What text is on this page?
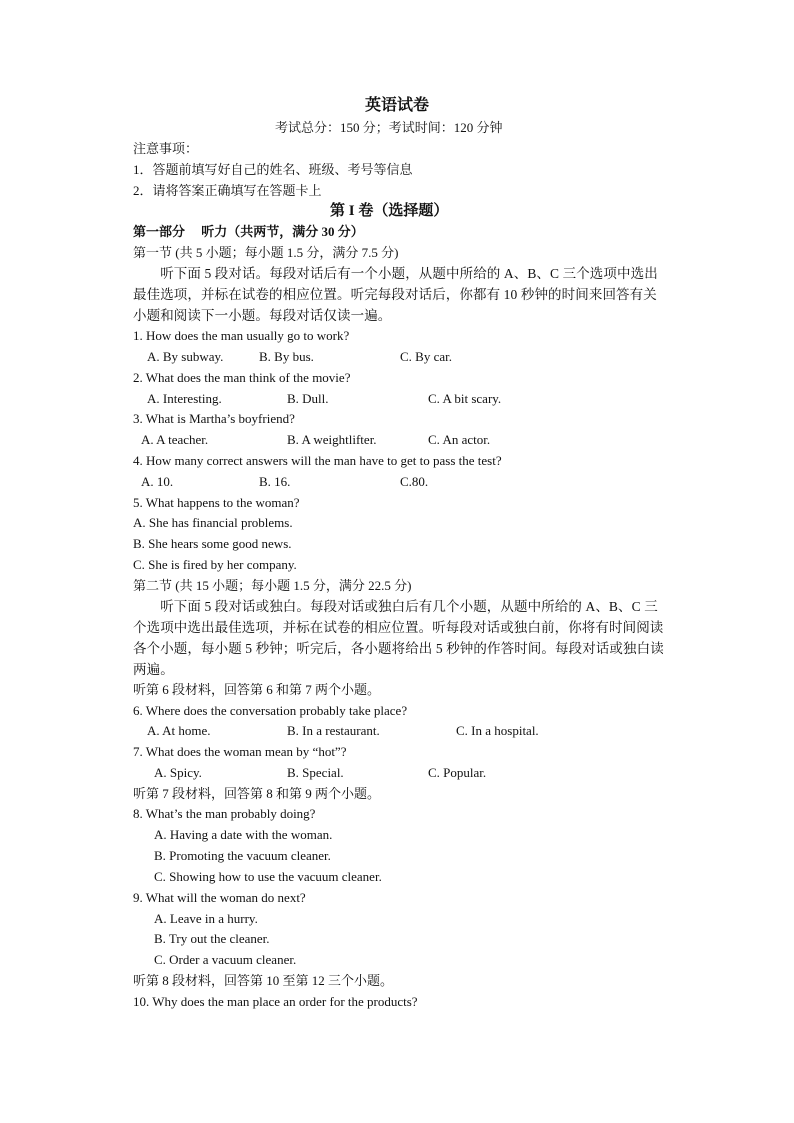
英语试卷
考试总分：150 分；考试时间：120 分钟
注意事项：
1．答题前填写好自己的姓名、班级、考号等信息
2．请将答案正确填写在答题卡上
第 I 卷（选择题）
第一部分　 听力（共两节，满分 30 分）
第一节 (共 5 小题；每小题 1.5 分，满分 7.5 分)
　　听下面 5 段对话。每段对话后有一个小题，从题中所给的 A、B、C 三个选项中选出
最佳选项，并标在试卷的相应位置。听完每段对话后，你都有 10 秒钟的时间来回答有关
小题和阅读下一小题。每段对话仅读一遍。
1. How does the man usually go to work?
A. By subway.	B. By bus.	C. By car.
2. What does the man think of the movie?
A. Interesting.	B. Dull.	C. A bit scary.
3. What is Martha’s boyfriend?
A. A teacher.	B. A weightlifter.	C. An actor.
4. How many correct answers will the man have to get to pass the test?
A. 10.	B. 16.	C.80.
5. What happens to the woman?
A. She has financial problems.
B. She hears some good news.
C. She is fired by her company.
第二节 (共 15 小题；每小题 1.5 分，满分 22.5 分)
　　听下面 5 段对话或独白。每段对话或独白后有几个小题，从题中所给的 A、B、C 三
个选项中选出最佳选项，并标在试卷的相应位置。听每段对话或独白前，你将有时间阅读
各个小题，每小题 5 秒钟；听完后，各小题将给出 5 秒钟的作答时间。每段对话或独白读
两遍。
听第 6 段材料，回答第 6 和第 7 两个小题。
6. Where does the conversation probably take place?
A. At home.	B. In a restaurant.	C. In a hospital.
7. What does the woman mean by “hot”?
A. Spicy.	B. Special.	C. Popular.
听第 7 段材料，回答第 8 和第 9 两个小题。
8. What’s the man probably doing?
A. Having a date with the woman.
B. Promoting the vacuum cleaner.
C. Showing how to use the vacuum cleaner.
9. What will the woman do next?
A. Leave in a hurry.
B. Try out the cleaner.
C. Order a vacuum cleaner.
听第 8 段材料，回答第 10 至第 12 三个小题。
10. Why does the man place an order for the products?
